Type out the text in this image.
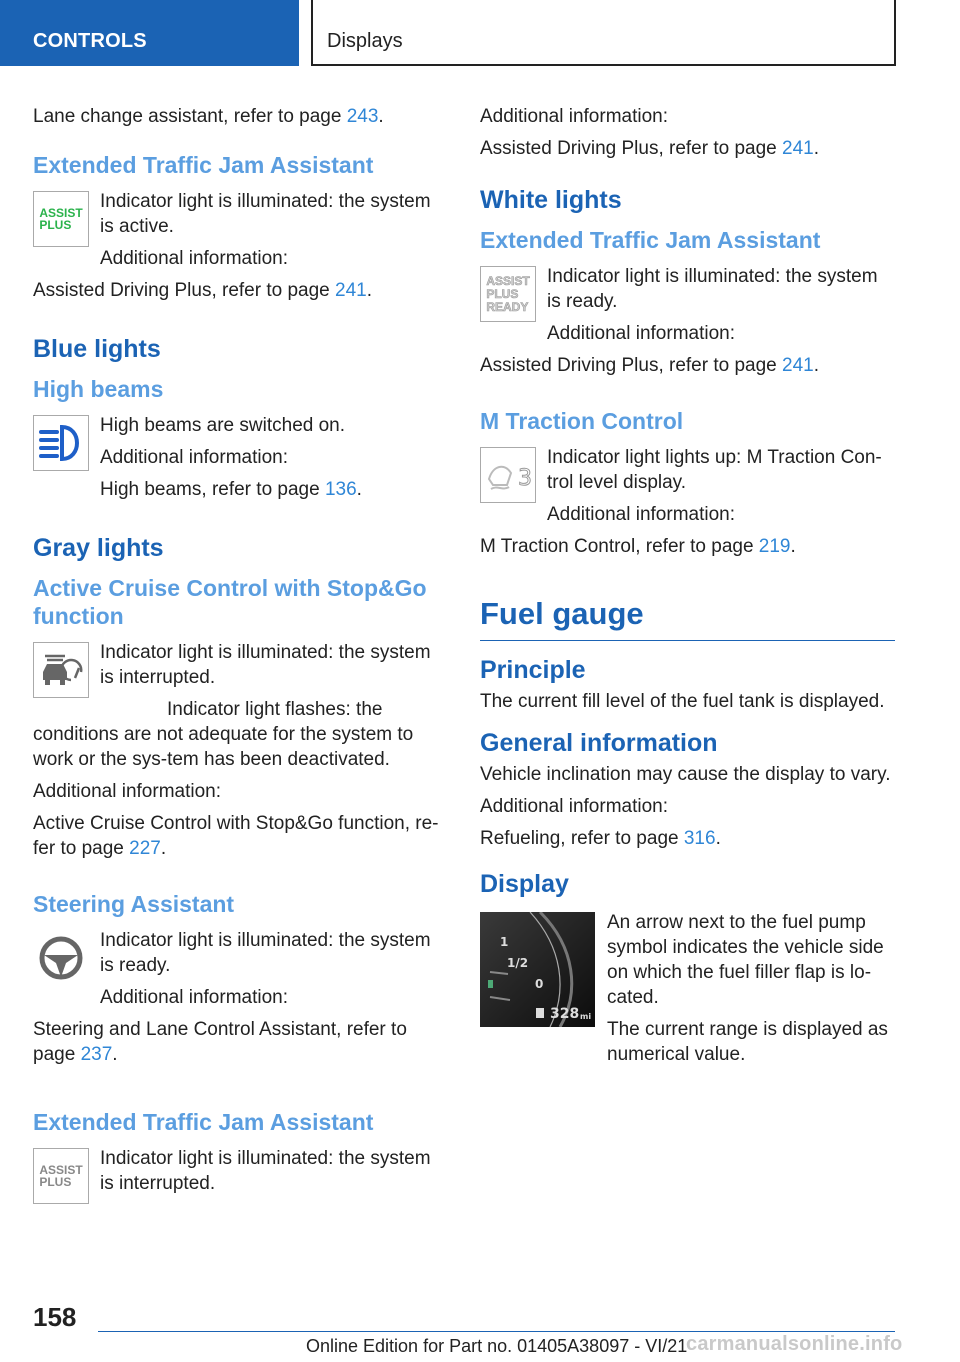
CONTROLS	Displays

Lane change assistant, refer to page 243.

Extended Traffic Jam Assistant
ASSIST
PLUS

Indicator light is illuminated: the system is active.

Additional information:

Assisted Driving Plus, refer to page 241.

Blue lights
High beams

High beams are switched on.

Additional information:

High beams, refer to page 136.

Gray lights
Active Cruise Control with Stop&Go function

Indicator light is illuminated: the system is interrupted.

Indicator light flashes: the conditions are not adequate for the system to work or the sys-tem has been deactivated.

Additional information:

Active Cruise Control with Stop&Go function, re-fer to page 227.

Steering Assistant

Indicator light is illuminated: the system is ready.

Additional information:

Steering and Lane Control Assistant, refer to page 237.

Extended Traffic Jam Assistant
ASSIST
PLUS

Indicator light is illuminated: the system is interrupted.

Additional information:

Assisted Driving Plus, refer to page 241.

White lights
Extended Traffic Jam Assistant
ASSIST
PLUS
READY

Indicator light is illuminated: the system is ready.

Additional information:

Assisted Driving Plus, refer to page 241.

M Traction Control
3

Indicator light lights up: M Traction Con-trol level display.

Additional information:

M Traction Control, refer to page 219.

Fuel gauge
Principle

The current fill level of the fuel tank is displayed.

General information

Vehicle inclination may cause the display to vary.

Additional information:

Refueling, refer to page 316.

Display
1
1/2
0
328 mi

An arrow next to the fuel pump symbol indicates the vehicle side on which the fuel filler flap is lo-cated.

The current range is displayed as numerical value.

158
Online Edition for Part no. 01405A38097 - VI/21
carmanualsonline.info
